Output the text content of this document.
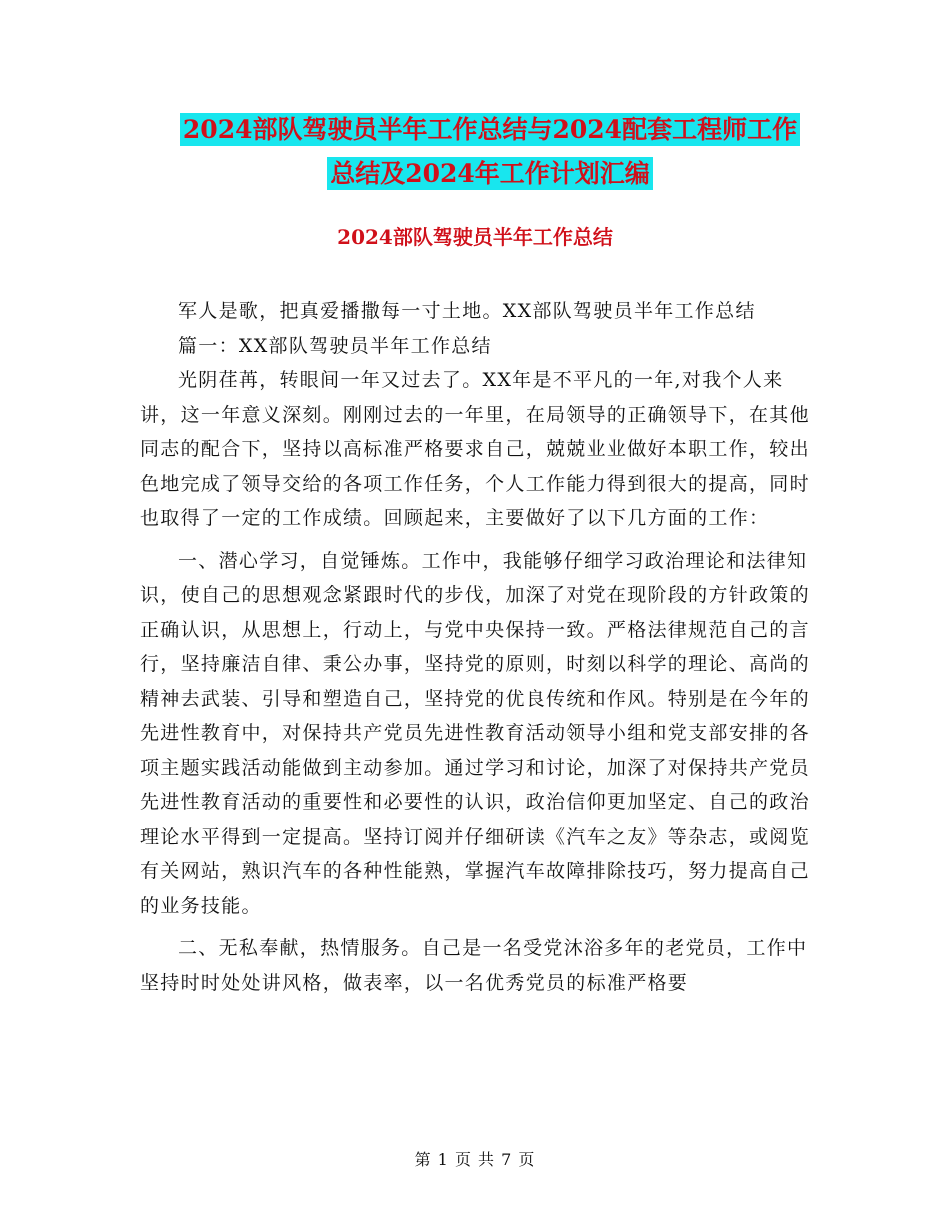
2024部队驾驶员半年工作总结与2024配套工程师工作
总结及2024年工作计划汇编
2024部队驾驶员半年工作总结

军人是歌，把真爱播撒每一寸土地。XX部队驾驶员半年工作总结

篇一：XX部队驾驶员半年工作总结

光阴荏苒，转眼间一年又过去了。XX年是不平凡的一年,对我个人来讲，这一年意义深刻。刚刚过去的一年里，在局领导的正确领导下，在其他同志的配合下，坚持以高标准严格要求自己，兢兢业业做好本职工作，较出色地完成了领导交给的各项工作任务，个人工作能力得到很大的提高，同时也取得了一定的工作成绩。回顾起来，主要做好了以下几方面的工作：

一、潜心学习，自觉锤炼。工作中，我能够仔细学习政治理论和法律知识，使自己的思想观念紧跟时代的步伐，加深了对党在现阶段的方针政策的正确认识，从思想上，行动上，与党中央保持一致。严格法律规范自己的言行，坚持廉洁自律、秉公办事，坚持党的原则，时刻以科学的理论、高尚的精神去武装、引导和塑造自己，坚持党的优良传统和作风。特别是在今年的先进性教育中，对保持共产党员先进性教育活动领导小组和党支部安排的各项主题实践活动能做到主动参加。通过学习和讨论，加深了对保持共产党员先进性教育活动的重要性和必要性的认识，政治信仰更加坚定、自己的政治理论水平得到一定提高。坚持订阅并仔细研读《汽车之友》等杂志，或阅览有关网站，熟识汽车的各种性能熟，掌握汽车故障排除技巧，努力提高自己的业务技能。

二、无私奉献，热情服务。自己是一名受党沐浴多年的老党员，工作中坚持时时处处讲风格，做表率，以一名优秀党员的标准严格要

第 1 页 共 7 页
